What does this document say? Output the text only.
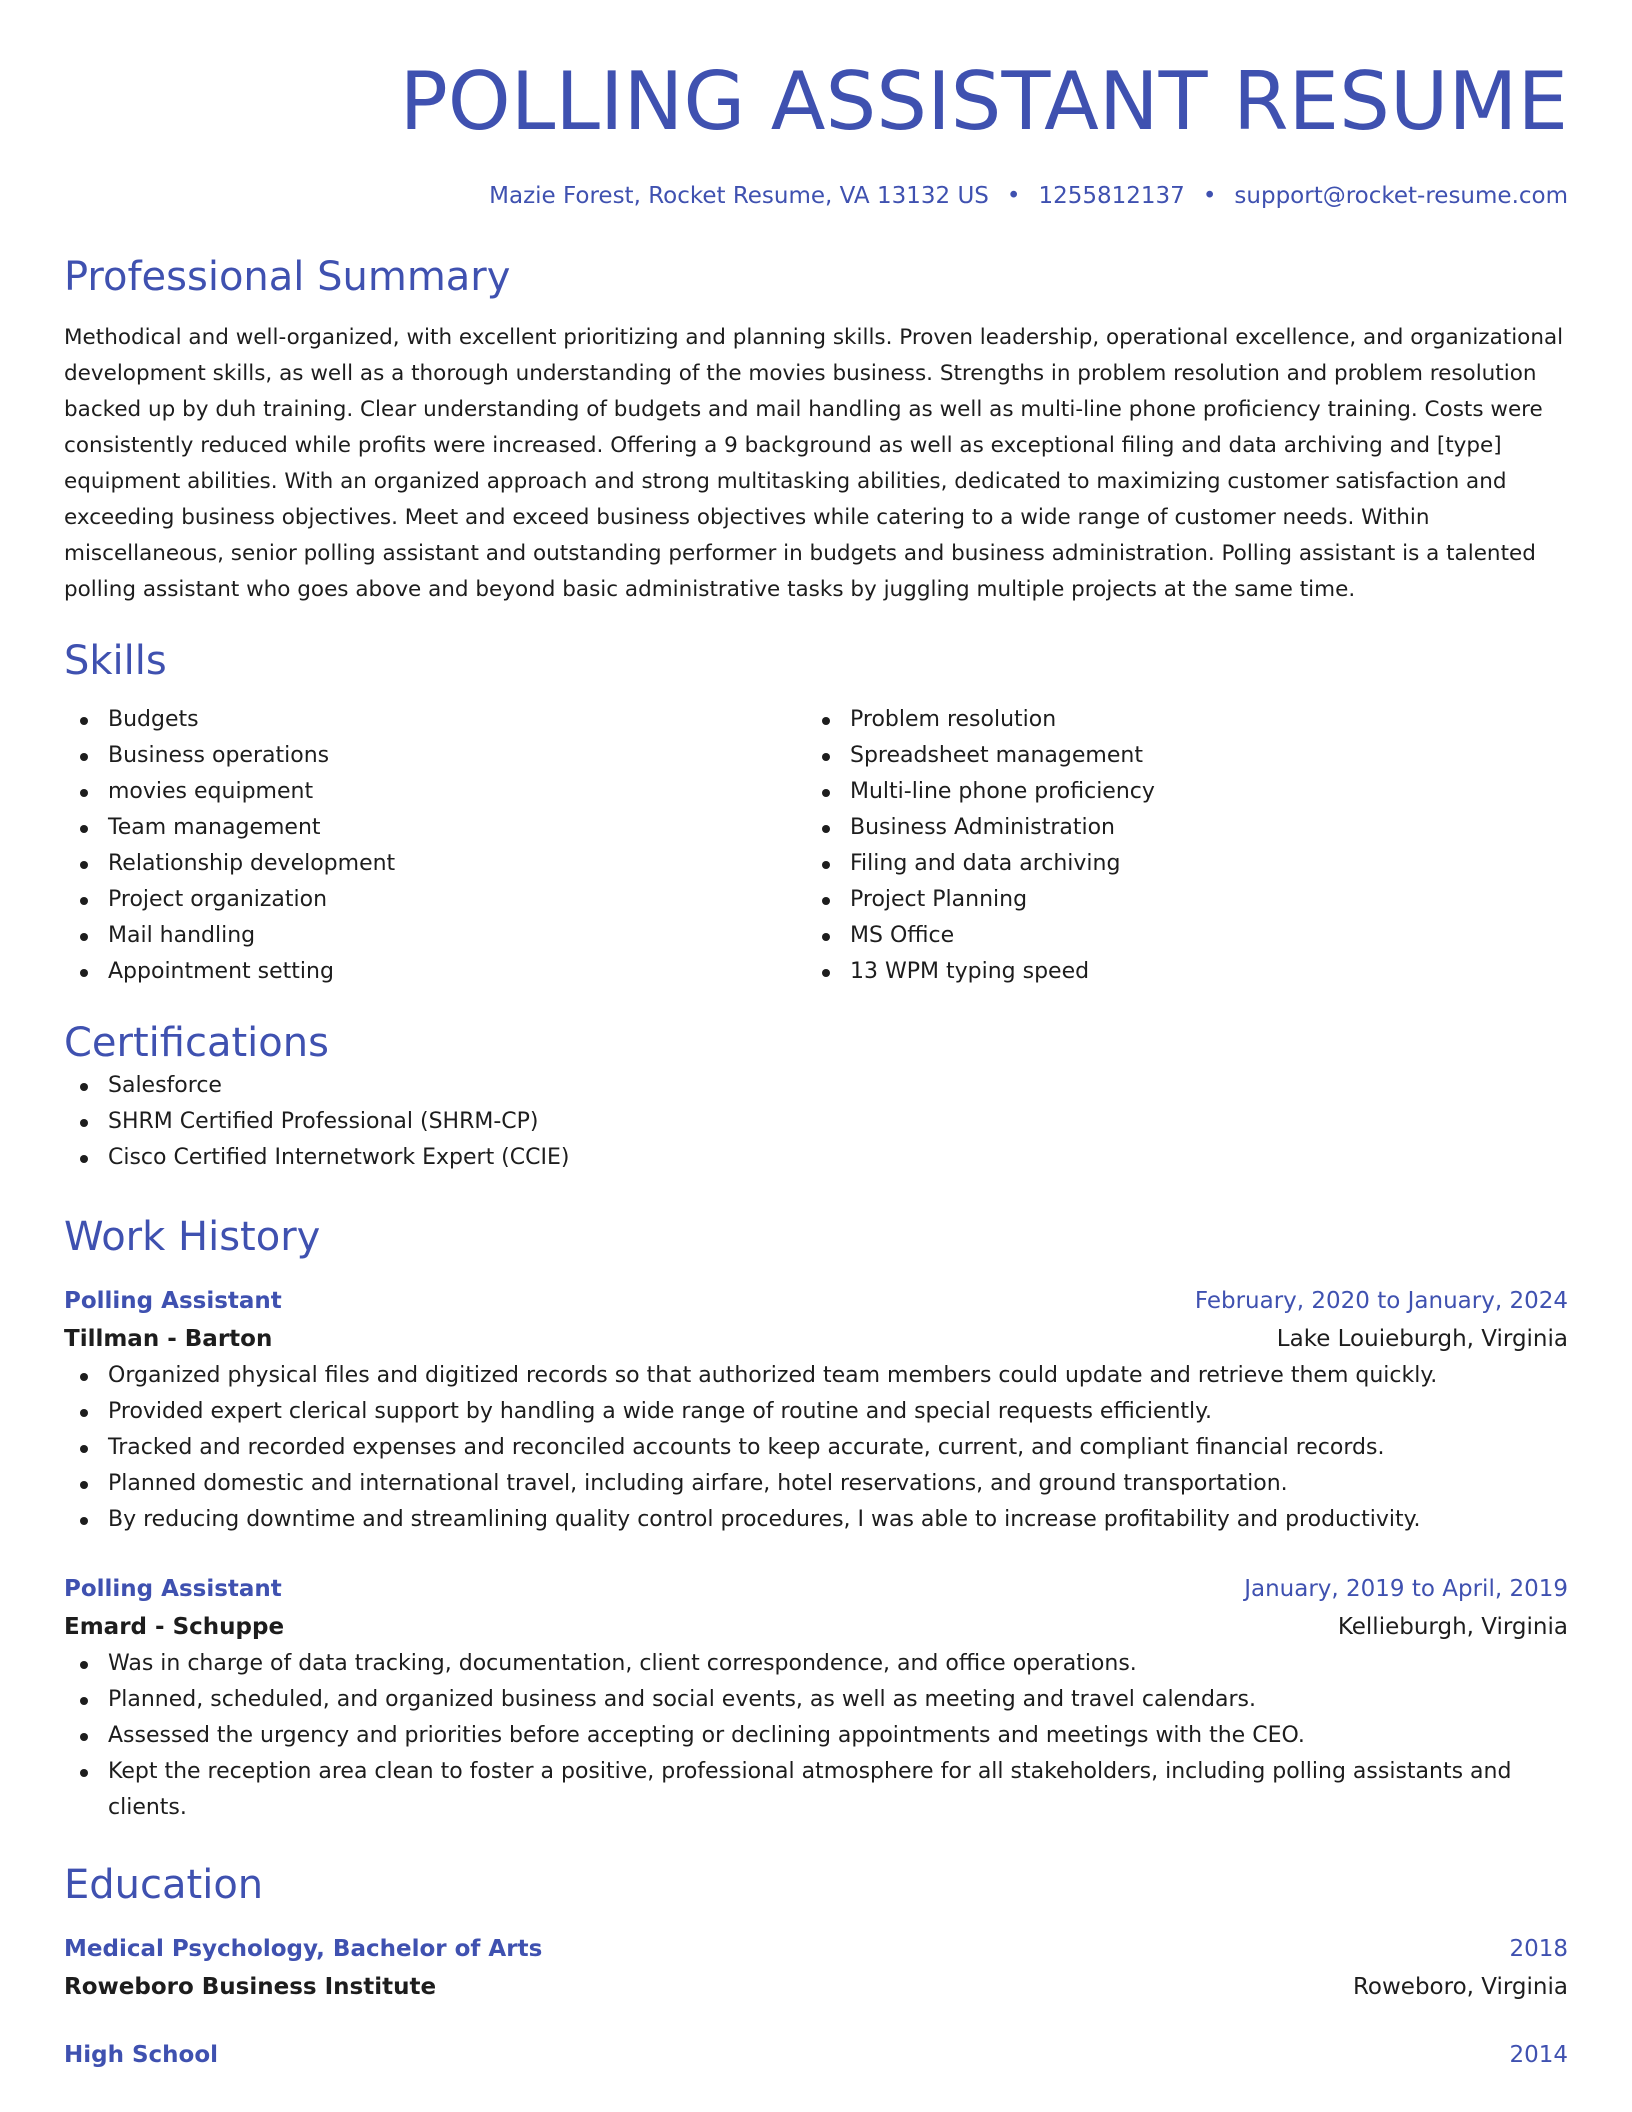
POLLING ASSISTANT RESUME
Mazie Forest, Rocket Resume, VA 13132 US • 1255812137 • support@rocket-resume.com
Professional Summary
Methodical and well-organized, with excellent prioritizing and planning skills. Proven leadership, operational excellence, and organizational development skills, as well as a thorough understanding of the movies business. Strengths in problem resolution and problem resolution backed up by duh training. Clear understanding of budgets and mail handling as well as multi-line phone proficiency training. Costs were consistently reduced while profits were increased. Offering a 9 background as well as exceptional filing and data archiving and [type] equipment abilities. With an organized approach and strong multitasking abilities, dedicated to maximizing customer satisfaction and exceeding business objectives. Meet and exceed business objectives while catering to a wide range of customer needs. Within miscellaneous, senior polling assistant and outstanding performer in budgets and business administration. Polling assistant is a talented polling assistant who goes above and beyond basic administrative tasks by juggling multiple projects at the same time.
Skills
Budgets
Business operations
movies equipment
Team management
Relationship development
Project organization
Mail handling
Appointment setting
Problem resolution
Spreadsheet management
Multi-line phone proficiency
Business Administration
Filing and data archiving
Project Planning
MS Office
13 WPM typing speed
Certifications
Salesforce
SHRM Certified Professional (SHRM-CP)
Cisco Certified Internetwork Expert (CCIE)
Work History
Polling Assistant	February, 2020 to January, 2024
Tillman - Barton	Lake Louieburgh, Virginia
Organized physical files and digitized records so that authorized team members could update and retrieve them quickly.
Provided expert clerical support by handling a wide range of routine and special requests efficiently.
Tracked and recorded expenses and reconciled accounts to keep accurate, current, and compliant financial records.
Planned domestic and international travel, including airfare, hotel reservations, and ground transportation.
By reducing downtime and streamlining quality control procedures, I was able to increase profitability and productivity.
Polling Assistant	January, 2019 to April, 2019
Emard - Schuppe	Kellieburgh, Virginia
Was in charge of data tracking, documentation, client correspondence, and office operations.
Planned, scheduled, and organized business and social events, as well as meeting and travel calendars.
Assessed the urgency and priorities before accepting or declining appointments and meetings with the CEO.
Kept the reception area clean to foster a positive, professional atmosphere for all stakeholders, including polling assistants and clients.
Education
Medical Psychology, Bachelor of Arts	2018
Roweboro Business Institute	Roweboro, Virginia
High School	2014
